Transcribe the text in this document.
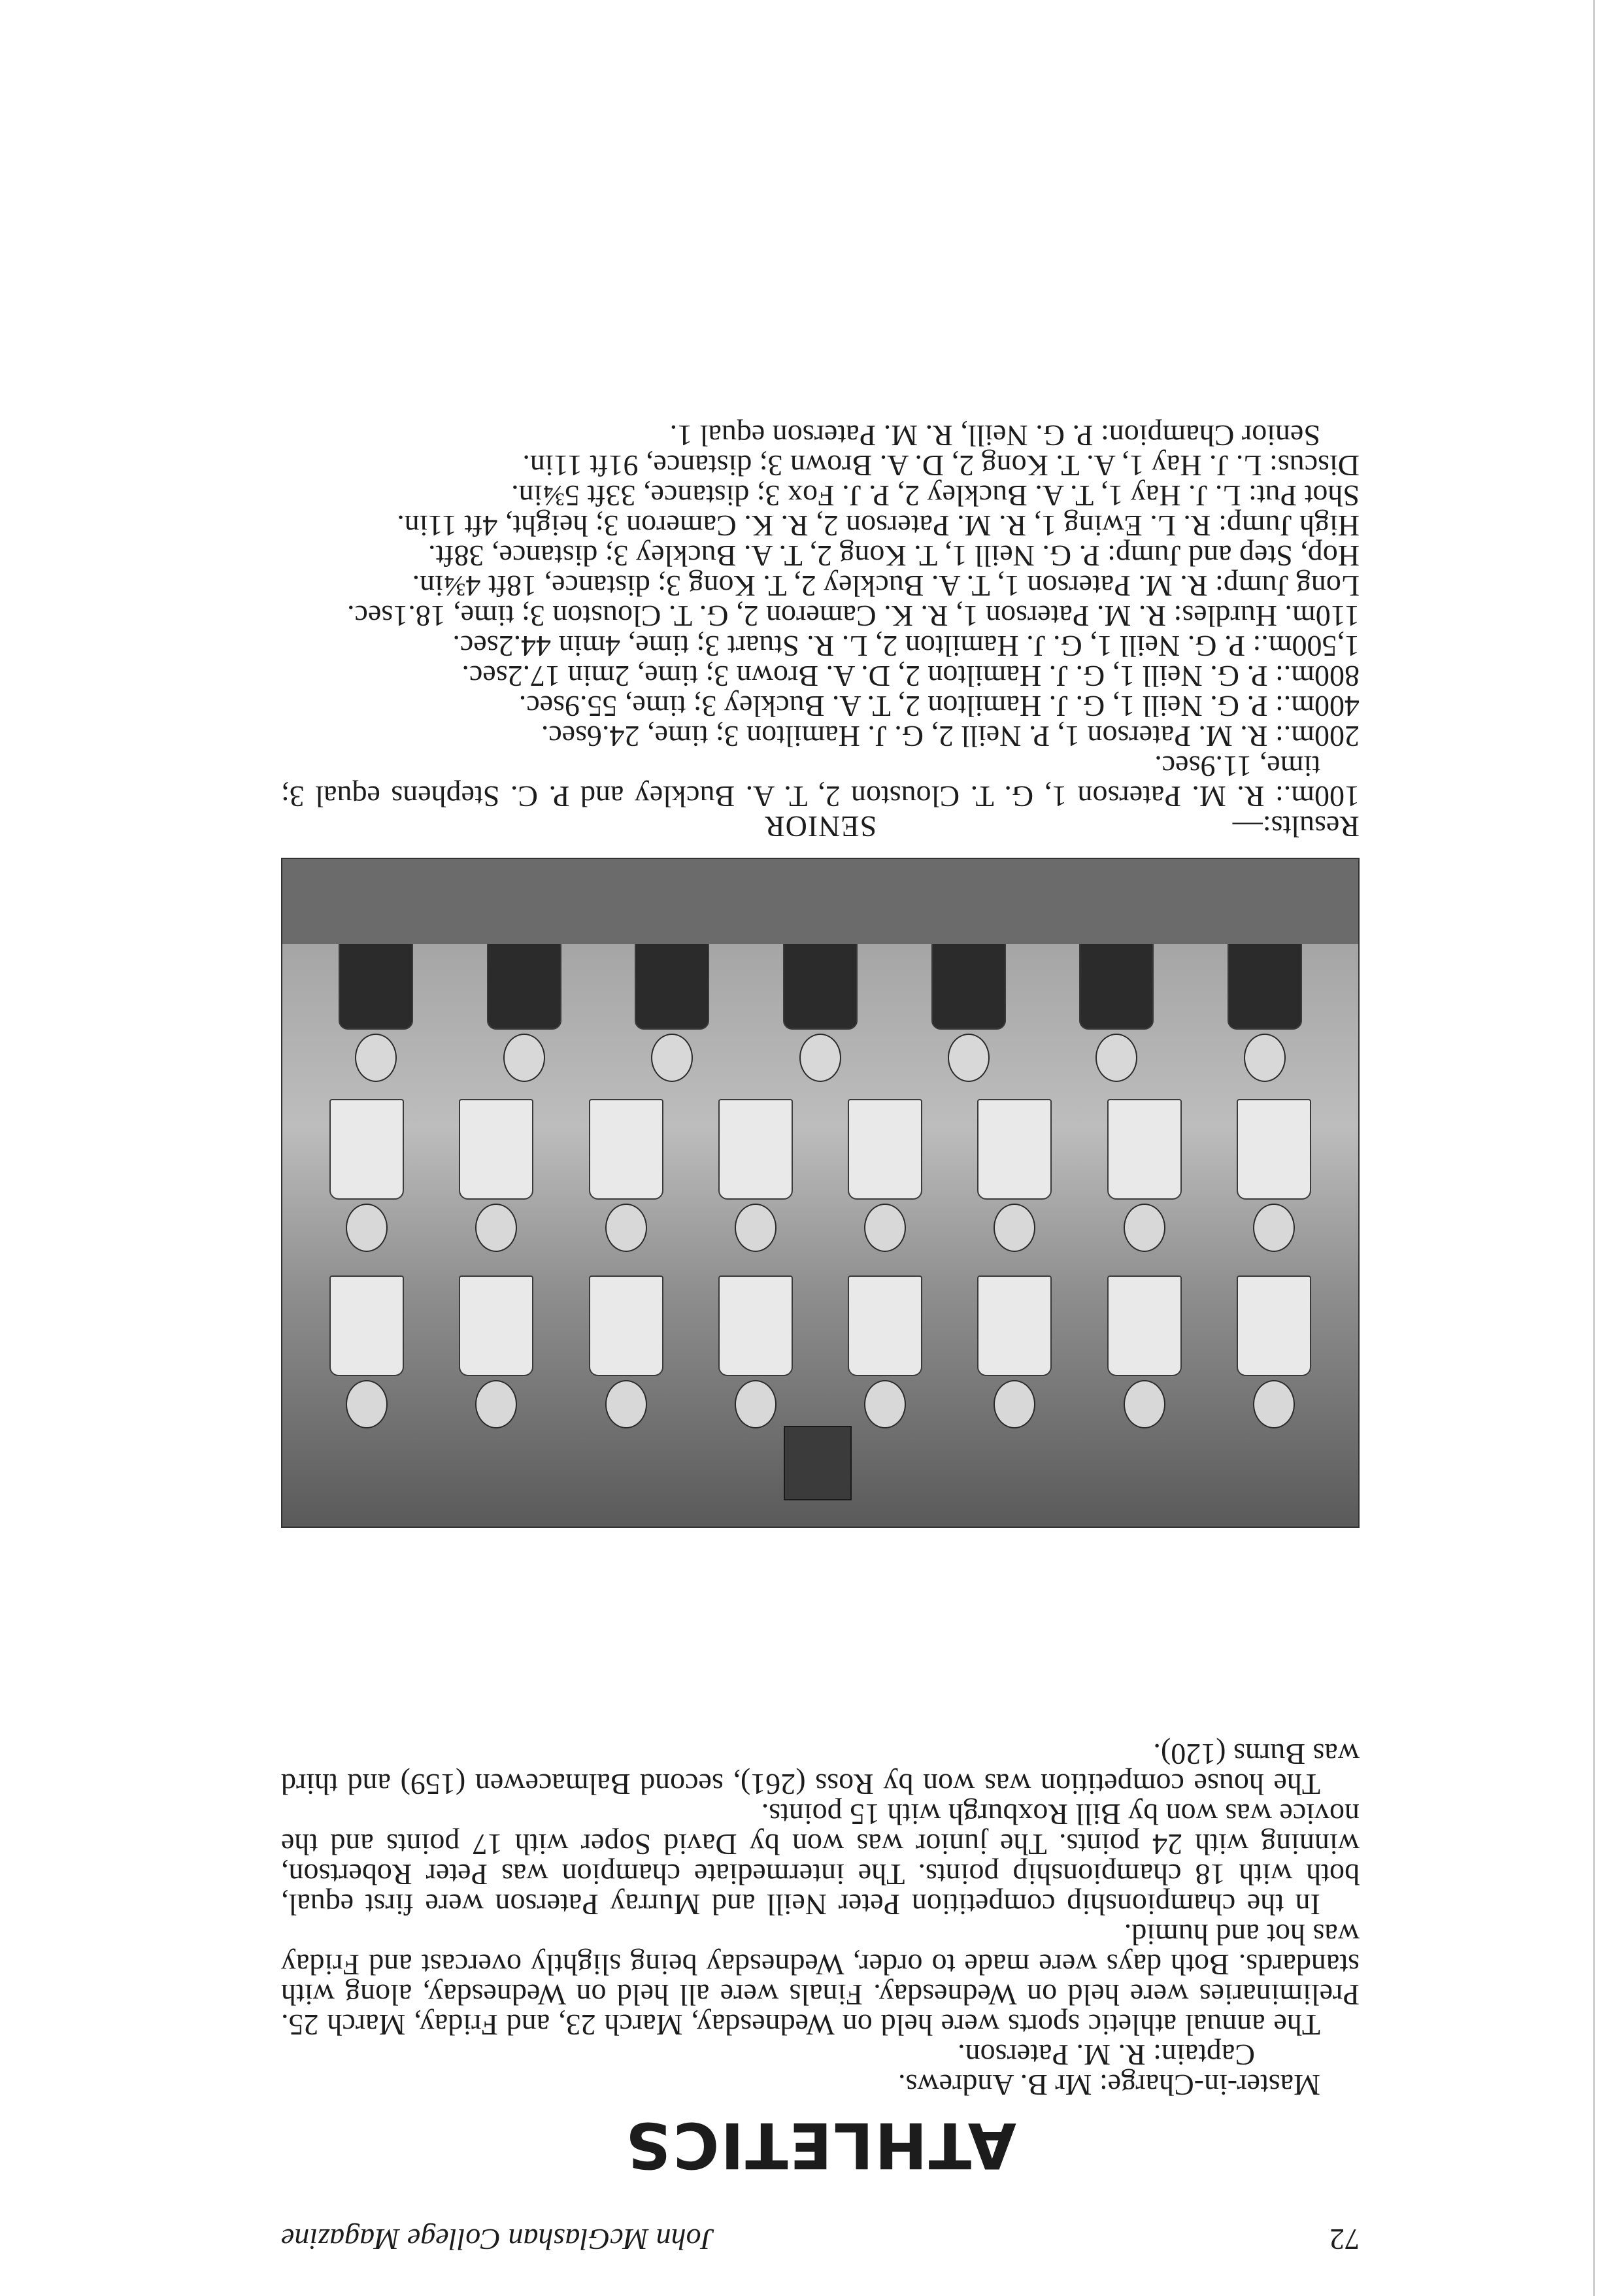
72
John McGlashan College Magazine
ATHLETICS
Master-in-Charge: Mr B. Andrews.
Captain: R. M. Paterson.

The annual athletic sports were held on Wednesday, March 23, and Friday, March 25. Preliminaries were held on Wednesday. Finals were all held on Wednesday, along with standards. Both days were made to order, Wednesday being slightly overcast and Friday was hot and humid.

In the championship competition Peter Neill and Murray Paterson were first equal, both with 18 championship points. The intermediate champion was Peter Robertson, winning with 24 points. The junior was won by David Soper with 17 points and the novice was won by Bill Roxburgh with 15 points.

The house competition was won by Ross (261), second Balmacewen (159) and third was Burns (120).

Results:—
SENIOR

100m.: R. M. Paterson 1, G. T. Clouston 2, T. A. Buckley and P. C. Stephens equal 3; time, 11.9sec.

200m.: R. M. Paterson 1, P. Neill 2, G. J. Hamilton 3; time, 24.6sec.

400m.: P. G. Neill 1, G. J. Hamilton 2, T. A. Buckley 3; time, 55.9sec.

800m.: P. G. Neill 1, G. J. Hamilton 2, D. A. Brown 3; time, 2min 17.2sec.

1,500m.: P. G. Neill 1, G. J. Hamilton 2, L. R. Stuart 3; time, 4min 44.2sec.

110m. Hurdles: R. M. Paterson 1, R. K. Cameron 2, G. T. Clouston 3; time, 18.1sec.

Long Jump: R. M. Paterson 1, T. A. Buckley 2, T. Kong 3; distance, 18ft 4¾in.

Hop, Step and Jump: P. G. Neill 1, T. Kong 2, T. A. Buckley 3; distance, 38ft.

High Jump: R. L. Ewing 1, R. M. Paterson 2, R. K. Cameron 3; height, 4ft 11in.

Shot Put: L. J. Hay 1, T. A. Buckley 2, P. J. Fox 3; distance, 33ft 5¾in.

Discus: L. J. Hay 1, A. T. Kong 2, D. A. Brown 3; distance, 91ft 11in.

Senior Champion: P. G. Neill, R. M. Paterson equal 1.
